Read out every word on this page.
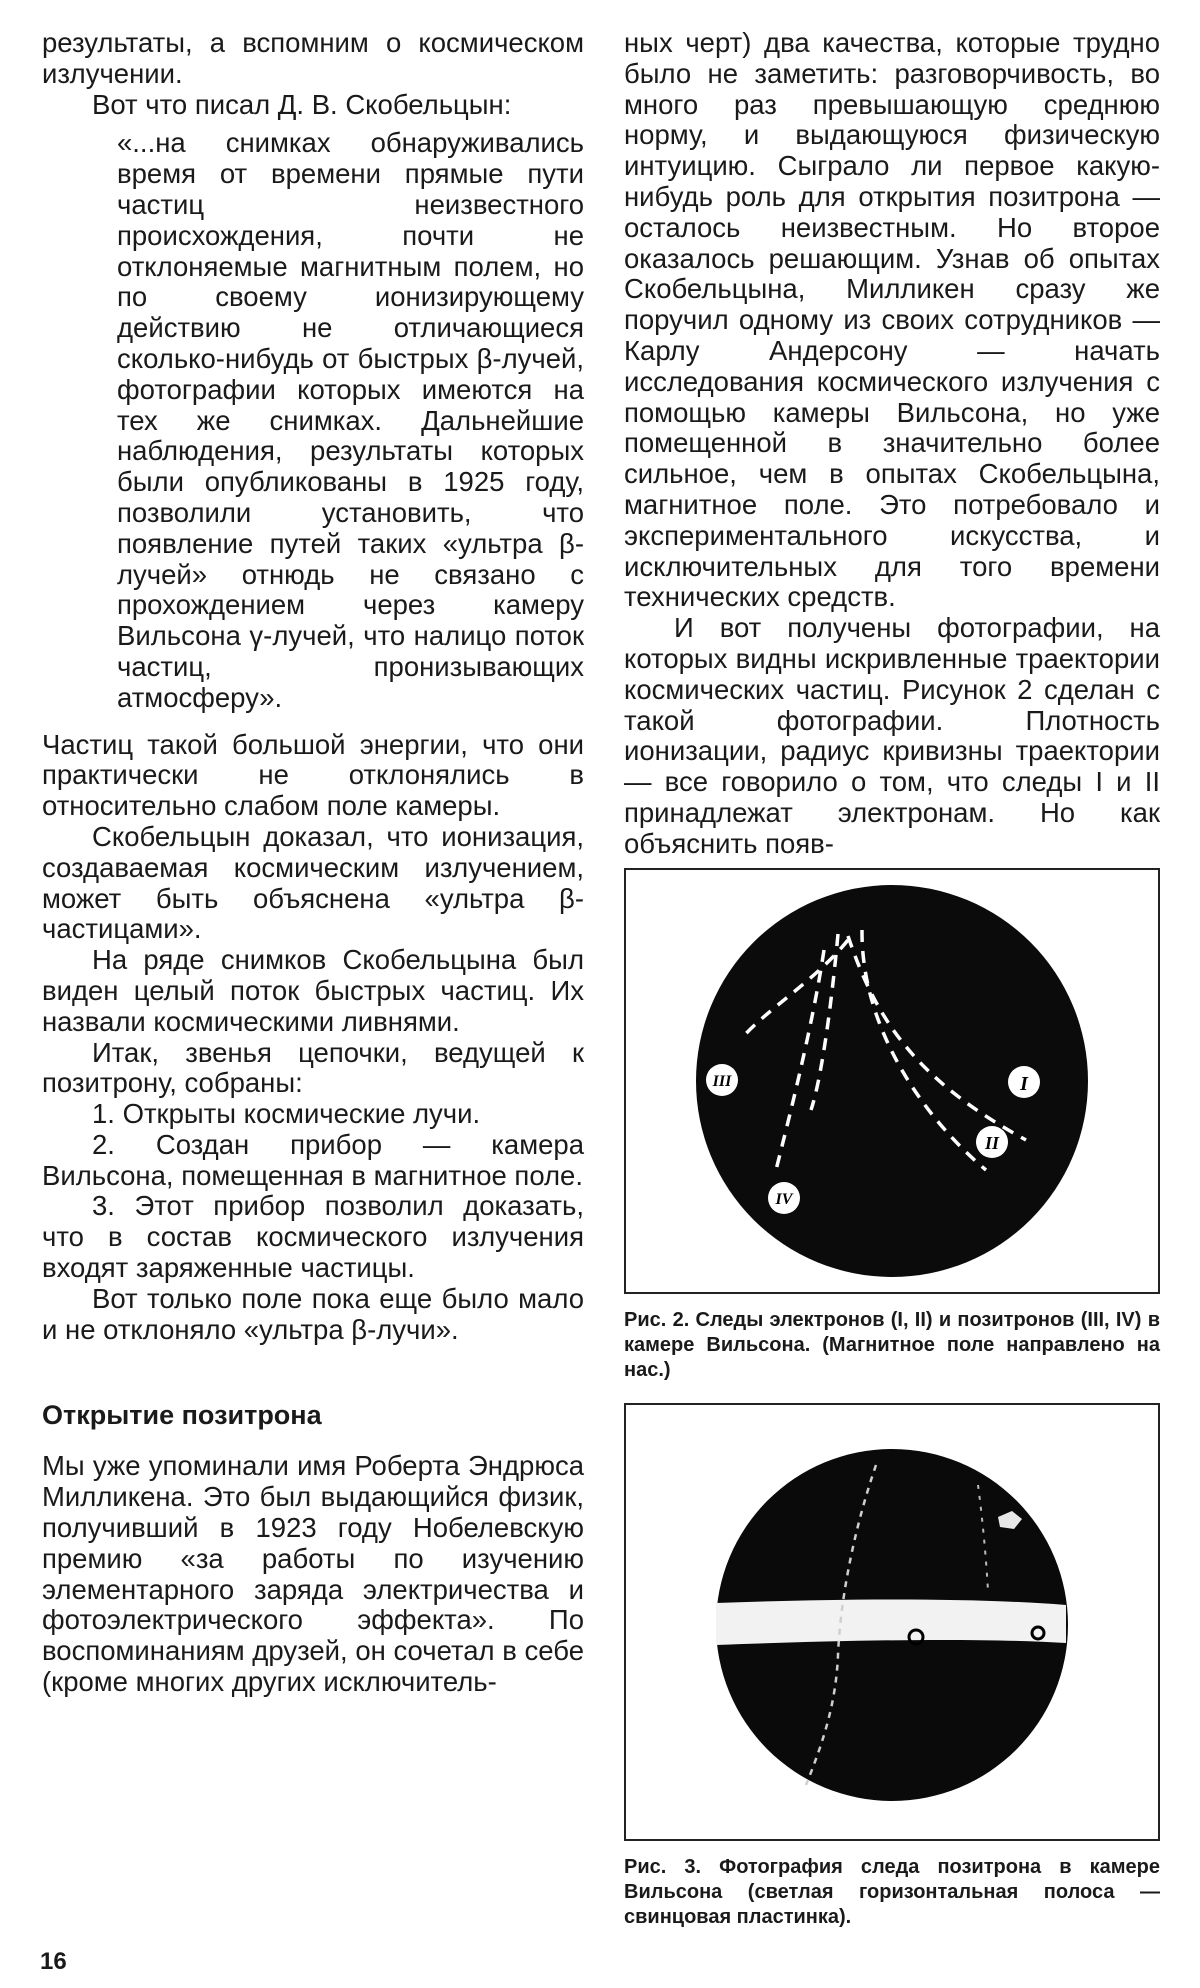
результаты, а вспомним о космическом излучении.

Вот что писал Д. В. Скобельцын:

«...на снимках обнаруживались время от времени прямые пути частиц неизвестного происхождения, почти не отклоняемые магнитным полем, но по своему ионизирующему действию не отличающиеся сколько-нибудь от быстрых β-лучей, фотографии которых имеются на тех же снимках. Дальнейшие наблюдения, результаты которых были опубликованы в 1925 году, позволили установить, что появление путей таких «ультра β-лучей» отнюдь не связано с прохождением через камеру Вильсона γ-лучей, что налицо поток частиц, пронизывающих атмосферу».

Частиц такой большой энергии, что они практически не отклонялись в относительно слабом поле камеры.

Скобельцын доказал, что ионизация, создаваемая космическим излучением, может быть объяснена «ультра β-частицами».

На ряде снимков Скобельцына был виден целый поток быстрых частиц. Их назвали космическими ливнями.

Итак, звенья цепочки, ведущей к позитрону, собраны:

1. Открыты космические лучи.

2. Создан прибор — камера Вильсона, помещенная в магнитное поле.

3. Этот прибор позволил доказать, что в состав космического излучения входят заряженные частицы.

Вот только поле пока еще было мало и не отклоняло «ультра β-лучи».

Открытие позитрона

Мы уже упоминали имя Роберта Эндрюса Милликена. Это был выдающийся физик, получивший в 1923 году Нобелевскую премию «за работы по изучению элементарного заряда электричества и фотоэлектрического эффекта». По воспоминаниям друзей, он сочетал в себе (кроме многих других исключитель-

ных черт) два качества, которые трудно было не заметить: разговорчивость, во много раз превышающую среднюю норму, и выдающуюся физическую интуицию. Сыграло ли первое какую-нибудь роль для открытия позитрона — осталось неизвестным. Но второе оказалось решающим. Узнав об опытах Скобельцына, Милликен сразу же поручил одному из своих сотрудников — Карлу Андерсону — начать исследования космического излучения с помощью камеры Вильсона, но уже помещенной в значительно более сильное, чем в опытах Скобельцына, магнитное поле. Это потребовало и экспериментального искусства, и исключительных для того времени технических средств.

И вот получены фотографии, на которых видны искривленные траектории космических частиц. Рисунок 2 сделан с такой фотографии. Плотность ионизации, радиус кривизны траектории — все говорило о том, что следы I и II принадлежат электронам. Но как объяснить появ-

I
II
III
IV
Рис. 2. Следы электронов (I, II) и позитронов (III, IV) в камере Вильсона. (Магнитное поле направлено на нас.)
Рис. 3. Фотография следа позитрона в камере Вильсона (светлая горизонтальная полоса — свинцовая пластинка).
16
